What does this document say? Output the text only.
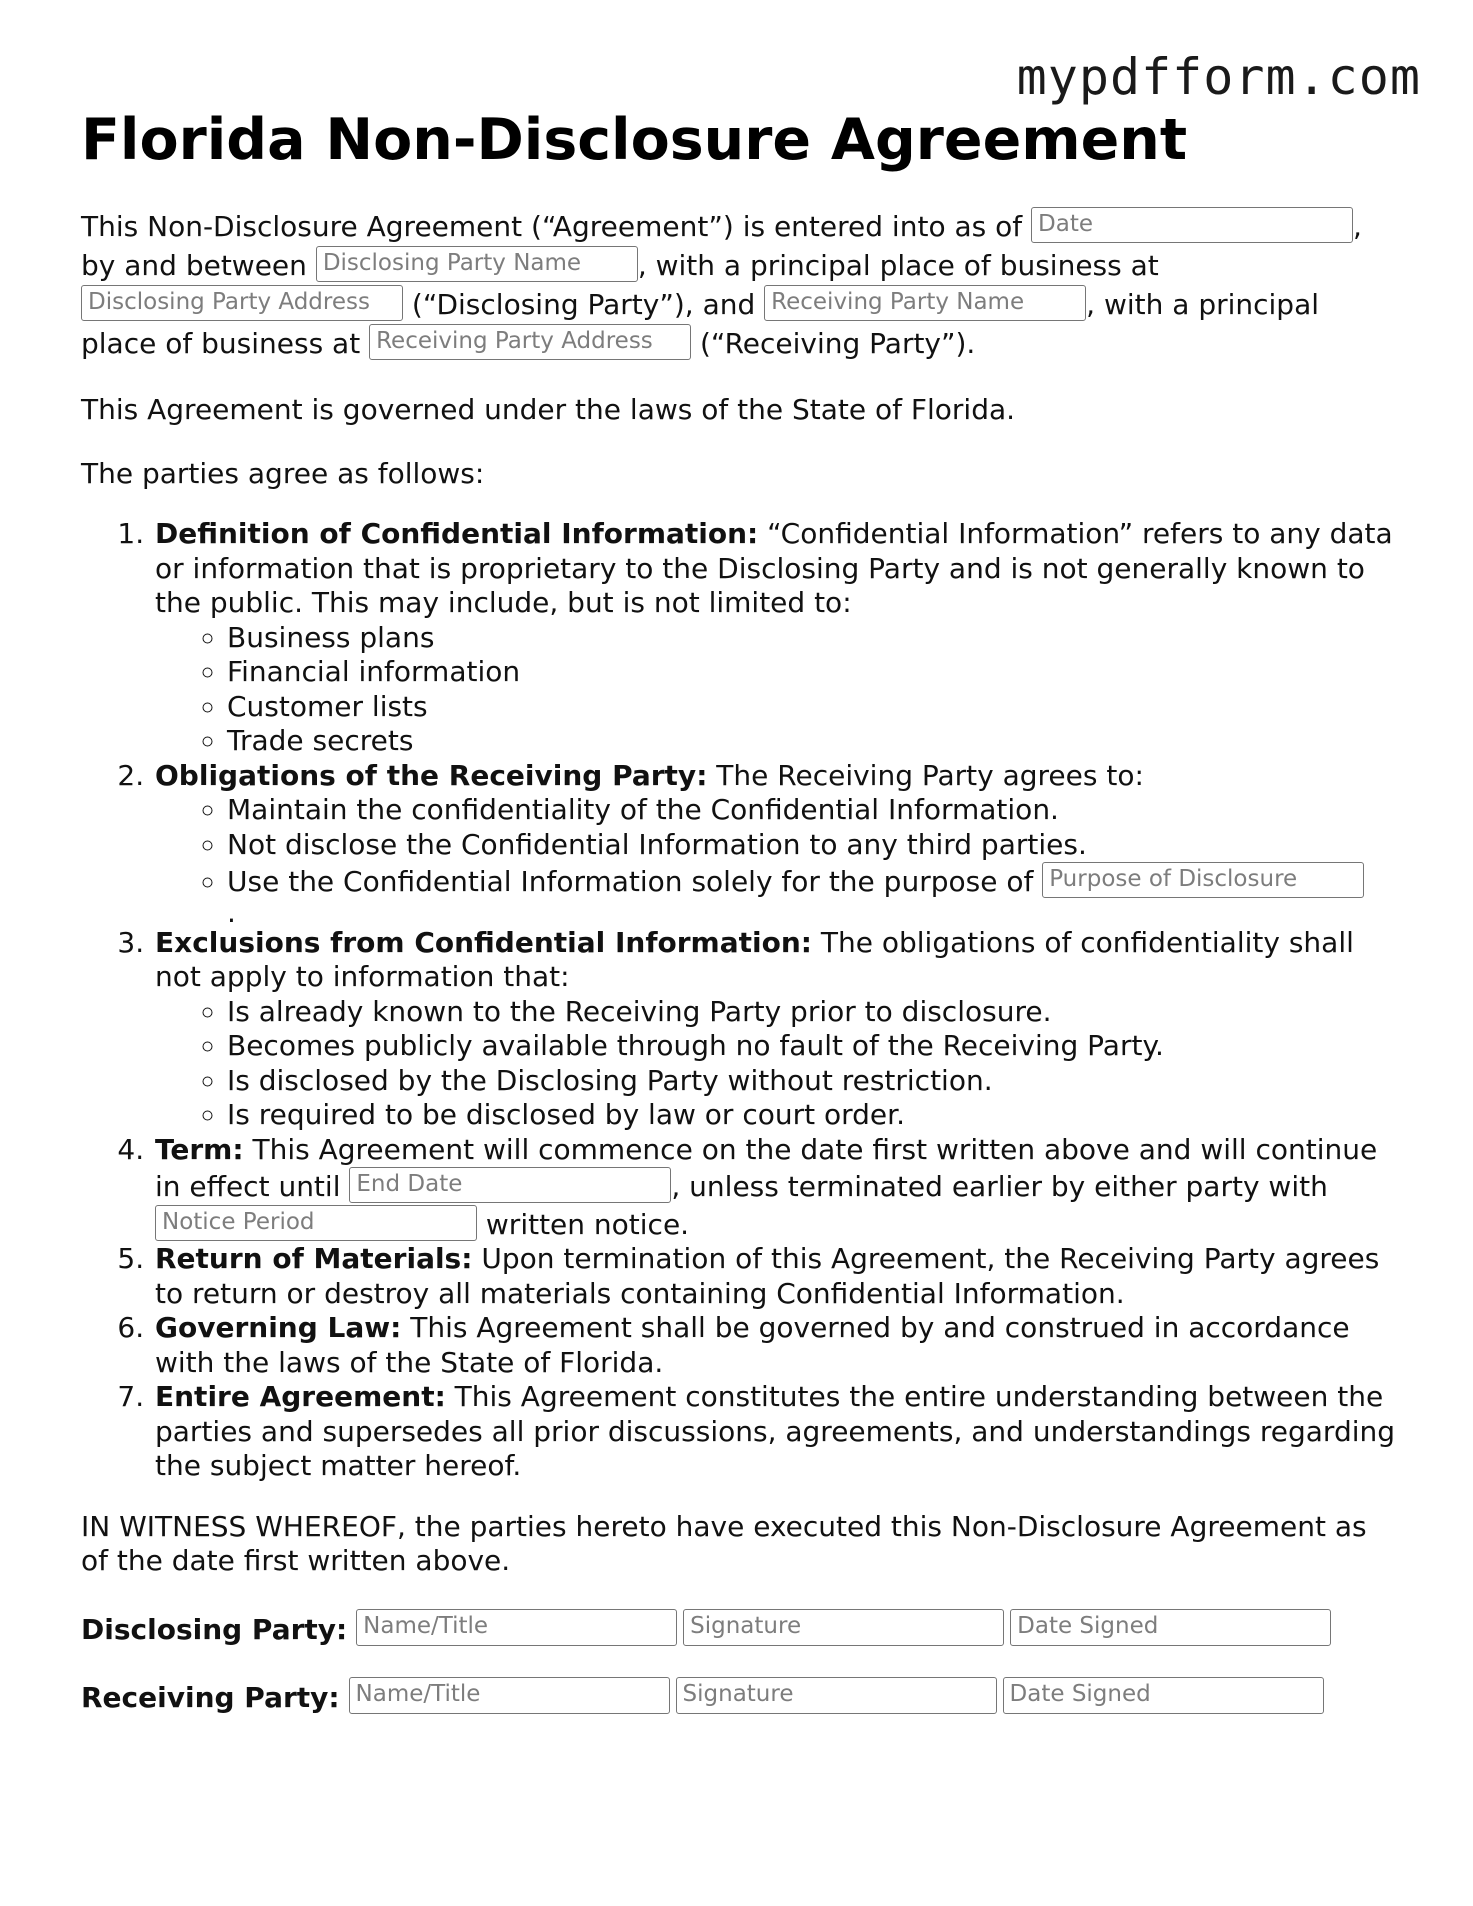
mypdfform.com
Florida Non-Disclosure Agreement

This Non-Disclosure Agreement (“Agreement”) is entered into as of Date	, by and between Disclosing Party Name , with a principal place of business at Disclosing Party Address (“Disclosing Party”), and Receiving Party Name , with a principal place of business at Receiving Party Address (“Receiving Party”).

This Agreement is governed under the laws of the State of Florida.

The parties agree as follows:

1. Definition of Confidential Information: “Confidential Information” refers to any data or information that is proprietary to the Disclosing Party and is not generally known to the public. This may include, but is not limited to:
◦ Business plans
◦ Financial information
◦ Customer lists
◦ Trade secrets
2. Obligations of the Receiving Party: The Receiving Party agrees to:
◦ Maintain the confidentiality of the Confidential Information.
◦ Not disclose the Confidential Information to any third parties.
◦ Use the Confidential Information solely for the purpose of Purpose of Disclosure
.
3. Exclusions from Confidential Information: The obligations of confidentiality shall not apply to information that:
◦ Is already known to the Receiving Party prior to disclosure.
◦ Becomes publicly available through no fault of the Receiving Party.
◦ Is disclosed by the Disclosing Party without restriction.
◦ Is required to be disclosed by law or court order.
4. Term: This Agreement will commence on the date first written above and will continue in effect until End Date	, unless terminated earlier by either party with Notice Period	written notice.
5. Return of Materials: Upon termination of this Agreement, the Receiving Party agrees to return or destroy all materials containing Confidential Information.
6. Governing Law: This Agreement shall be governed by and construed in accordance with the laws of the State of Florida.
7. Entire Agreement: This Agreement constitutes the entire understanding between the parties and supersedes all prior discussions, agreements, and understandings regarding the subject matter hereof.

IN WITNESS WHEREOF, the parties hereto have executed this Non-Disclosure Agreement as of the date first written above.

Disclosing Party: Name/Title	Signature	Date Signed
Receiving Party: Name/Title	Signature	Date Signed
